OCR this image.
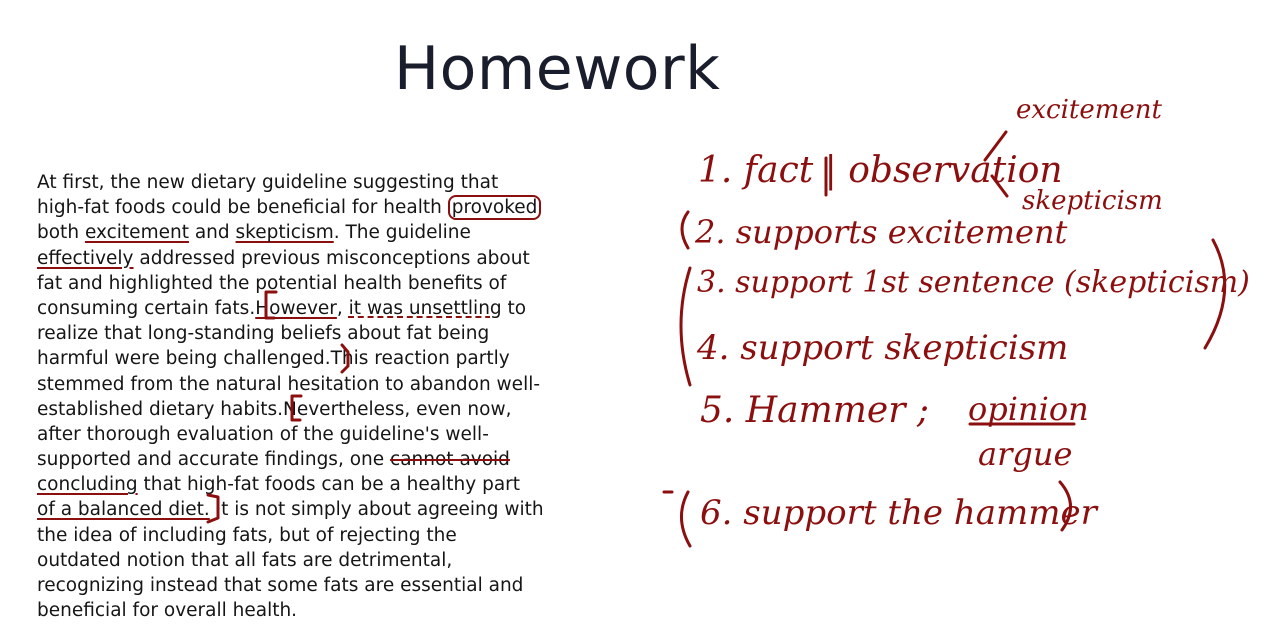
Homework
At first, the new dietary guideline suggesting that
high-fat foods could be beneficial for health provoked
both excitement and skepticism. The guideline
effectively addressed previous misconceptions about
fat and highlighted the potential health benefits of
consuming certain fats.However, it was unsettling to
realize that long-standing beliefs about fat being
harmful were being challenged.This reaction partly
stemmed from the natural hesitation to abandon well-
established dietary habits.Nevertheless, even now,
after thorough evaluation of the guideline's well-
supported and accurate findings, one cannot avoid
concluding that high-fat foods can be a healthy part
of a balanced diet. It is not simply about agreeing with
the idea of including fats, but of rejecting the
outdated notion that all fats are detrimental,
recognizing instead that some fats are essential and
beneficial for overall health.
1. fact | observation
excitement
skepticism
2. supports excitement
3. support 1st sentence (skepticism)
4. support skepticism
5. Hammer ; opinion
argue
6. support the hammer
